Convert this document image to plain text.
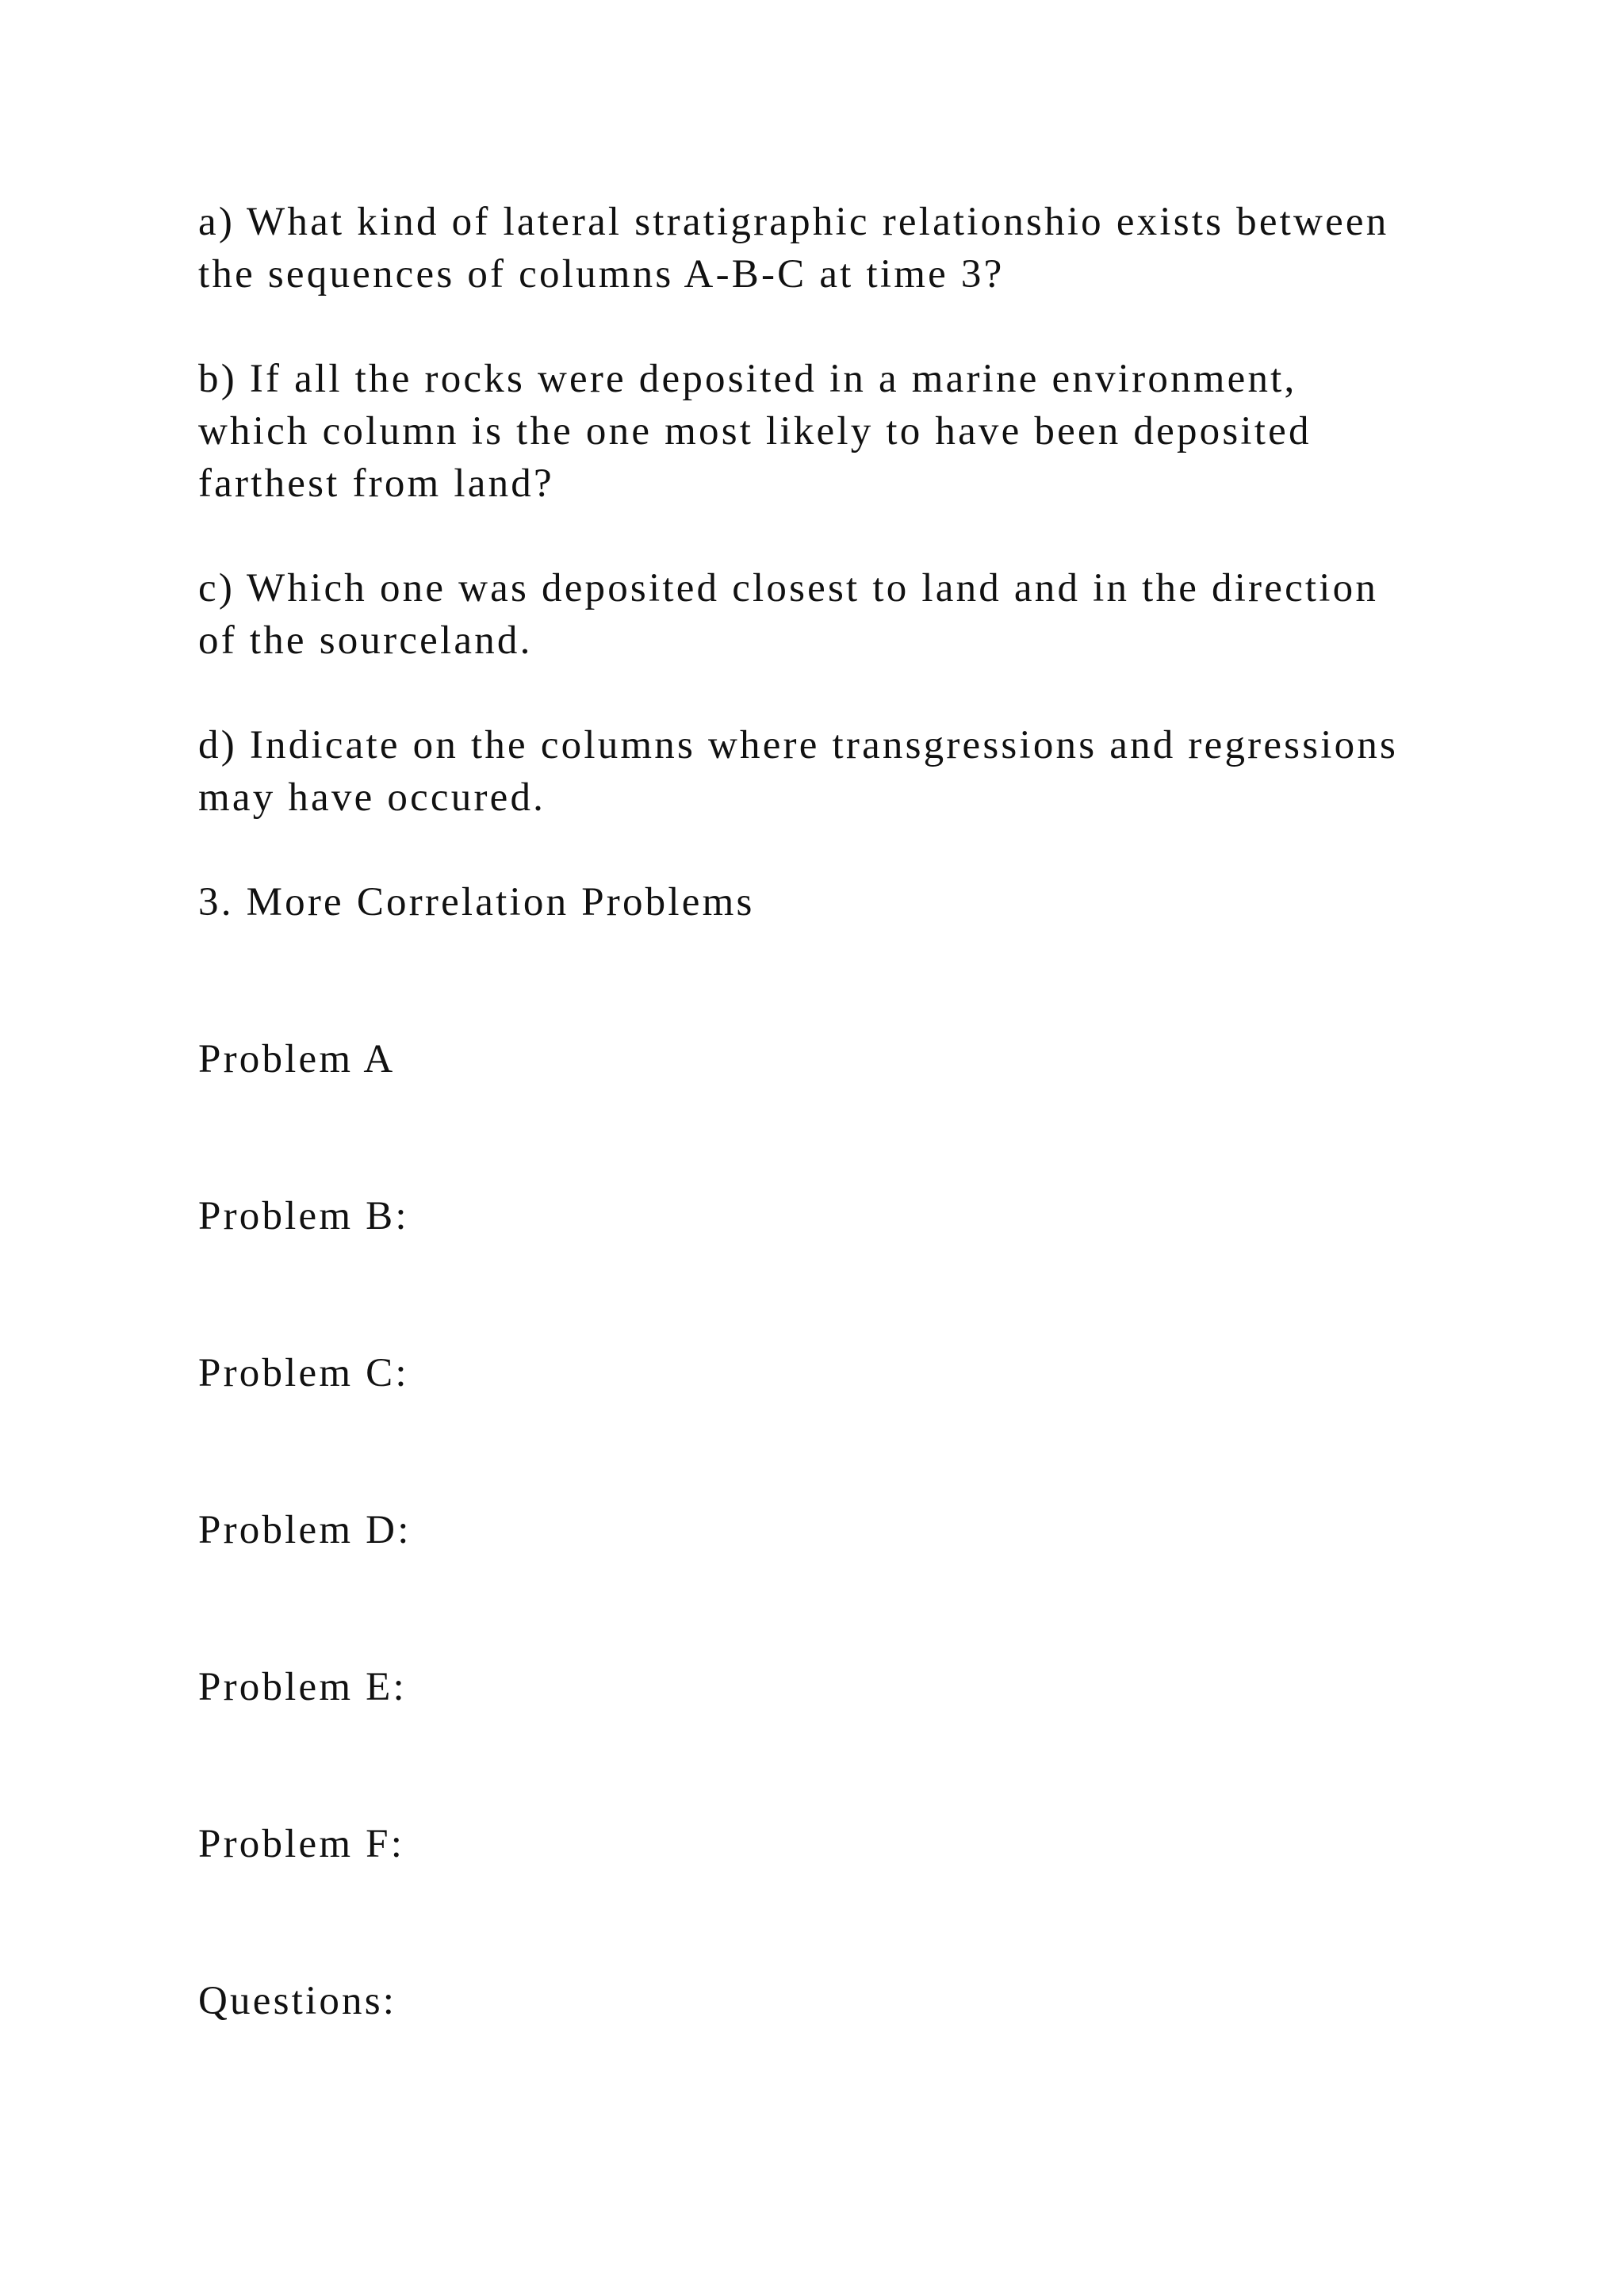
a) What kind of lateral stratigraphic relationshio exists between

the sequences of columns A-B-C at time 3?

b) If all the rocks were deposited in a marine environment,

which column is the one most likely to have been deposited

farthest from land?

c) Which one was deposited closest to land and in the direction

of the sourceland.

d) Indicate on the columns where transgressions and regressions

may have occured.

3. More Correlation Problems

Problem A

Problem B:

Problem C:

Problem D:

Problem E:

Problem F:

Questions:
